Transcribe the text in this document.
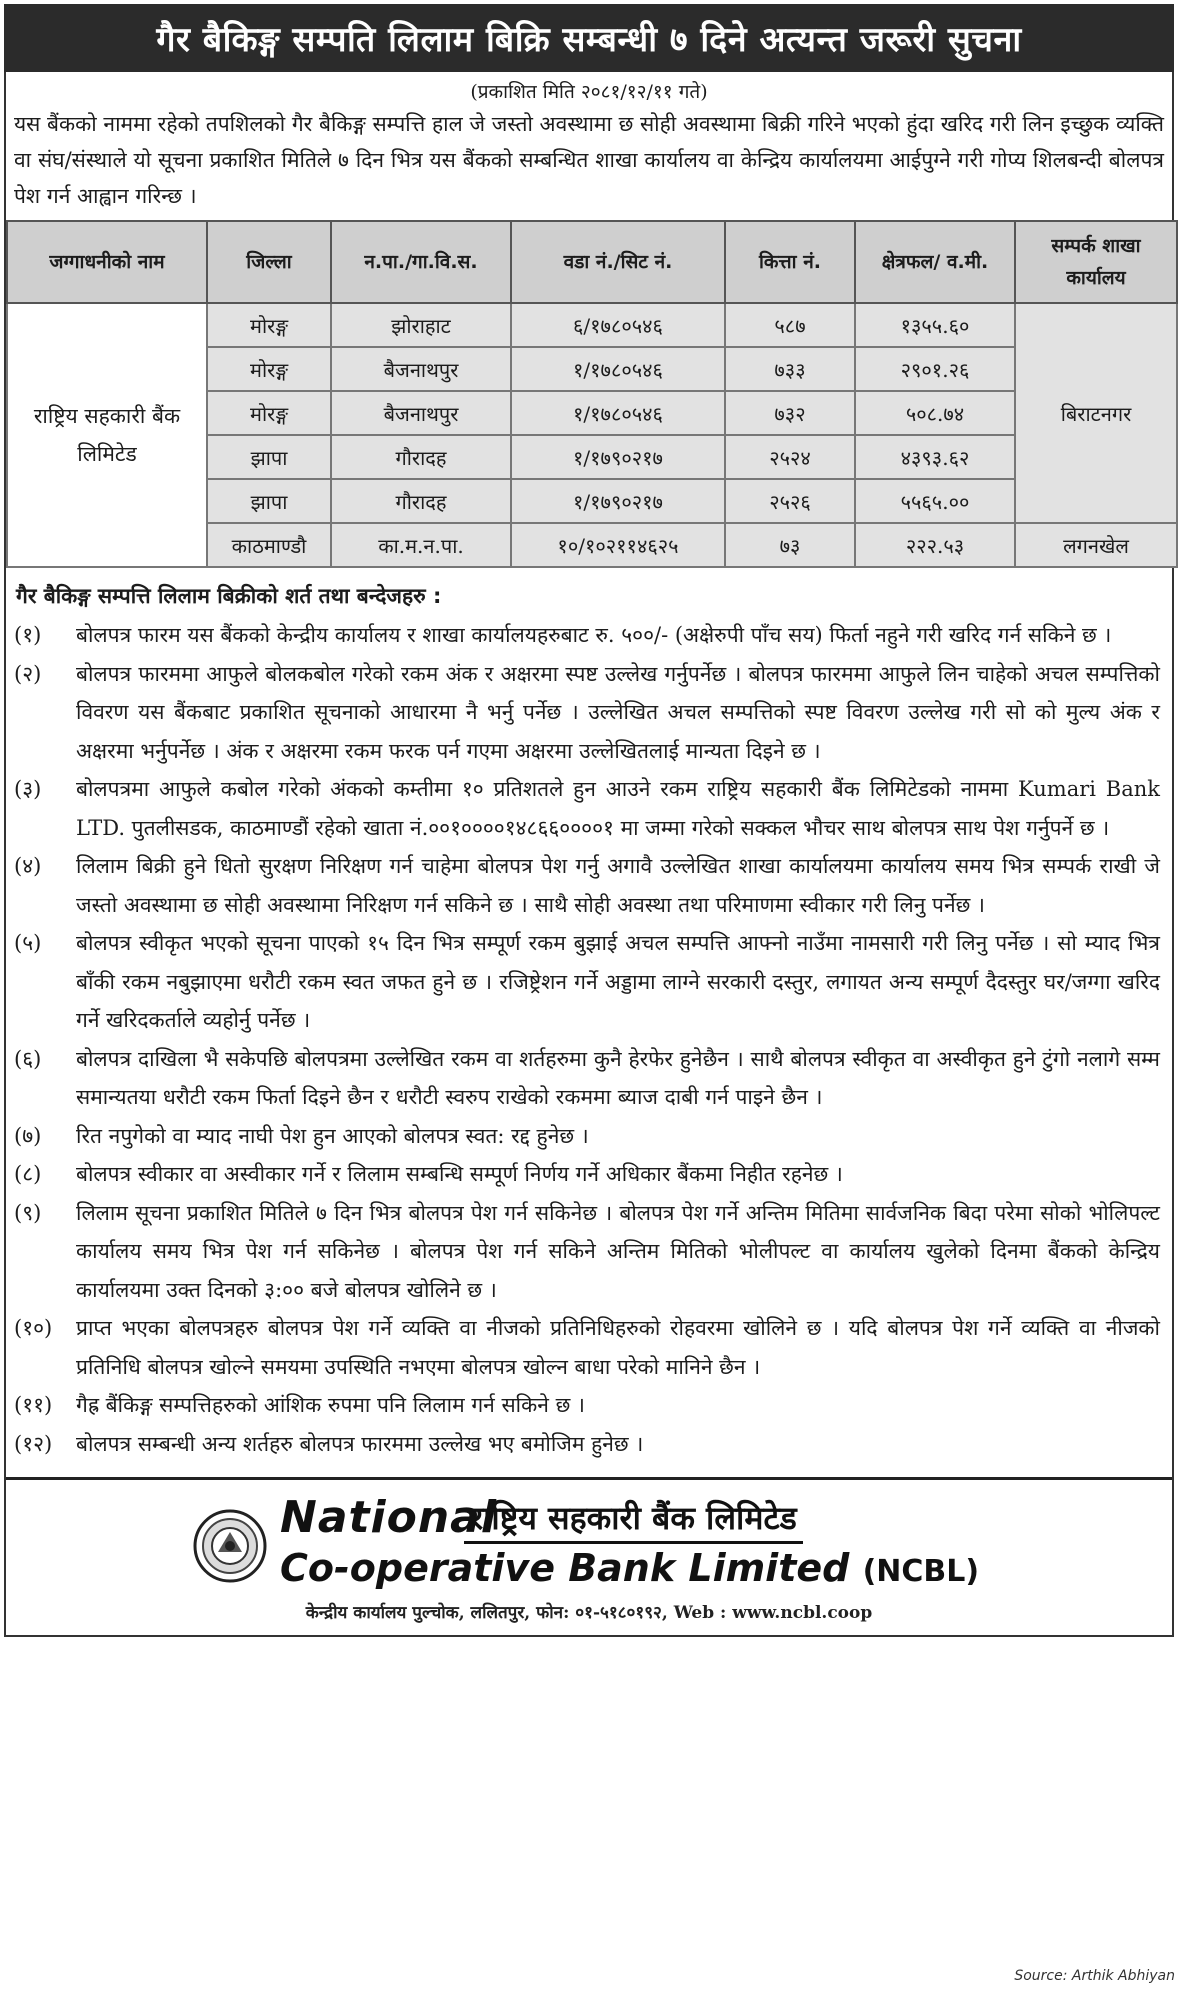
गैर बैकिङ्ग सम्पति लिलाम बिक्रि सम्बन्धी ७ दिने अत्यन्त जरूरी सुचना
(प्रकाशित मिति २०८१/१२/११ गते)
यस बैंकको नाममा रहेको तपशिलको गैर बैकिङ्ग सम्पत्ति हाल जे जस्तो अवस्थामा छ सोही अवस्थामा बिक्री गरिने भएको हुंदा खरिद गरी लिन इच्छुक व्यक्ति वा संघ/संस्थाले यो सूचना प्रकाशित मितिले ७ दिन भित्र यस बैंकको सम्बन्धित शाखा कार्यालय वा केन्द्रिय कार्यालयमा आईपुग्ने गरी गोप्य शिलबन्दी बोलपत्र पेश गर्न आह्वान गरिन्छ ।
जग्गाधनीको नाम	जिल्ला	न.पा./गा.वि.स.	वडा नं./सिट नं.	कित्ता नं.	क्षेत्रफल/ व.मी.	सम्पर्क शाखा कार्यालय
राष्ट्रिय सहकारी बैंक लिमिटेड	मोरङ्ग	झोराहाट	६/१७८०५४६	५८७	१३५५.६०	बिराटनगर
	मोरङ्ग	बैजनाथपुर	१/१७८०५४६	७३३	२९०१.२६	
	मोरङ्ग	बैजनाथपुर	१/१७८०५४६	७३२	५०८.७४	
	झापा	गौरादह	१/१७९०२१७	२५२४	४३९३.६२	
	झापा	गौरादह	१/१७९०२१७	२५२६	५५६५.००	
	काठमाण्डौ	का.म.न.पा.	१०/१०२११४६२५	७३	२२२.५३	लगनखेल
गैर बैकिङ्ग सम्पत्ति लिलाम बिक्रीको शर्त तथा बन्देजहरु :
(१)	बोलपत्र फारम यस बैंकको केन्द्रीय कार्यालय र शाखा कार्यालयहरुबाट रु. ५००/- (अक्षेरुपी पाँच सय) फिर्ता नहुने गरी खरिद गर्न सकिने छ ।
(२)	बोलपत्र फारममा आफुले बोलकबोल गरेको रकम अंक र अक्षरमा स्पष्ट उल्लेख गर्नुपर्नेछ । बोलपत्र फारममा आफुले लिन चाहेको अचल सम्पत्तिको विवरण यस बैंकबाट प्रकाशित सूचनाको आधारमा नै भर्नु पर्नेछ । उल्लेखित अचल सम्पत्तिको स्पष्ट विवरण उल्लेख गरी सो को मुल्य अंक र अक्षरमा भर्नुपर्नेछ । अंक र अक्षरमा रकम फरक पर्न गएमा अक्षरमा उल्लेखितलाई मान्यता दिइने छ ।
(३)	बोलपत्रमा आफुले कबोल गरेको अंकको कम्तीमा १० प्रतिशतले हुन आउने रकम राष्ट्रिय सहकारी बैंक लिमिटेडको नाममा Kumari Bank LTD. पुतलीसडक, काठमाण्डौं रहेको खाता नं.००१००००१४८६६००००१ मा जम्मा गरेको सक्कल भौचर साथ बोलपत्र साथ पेश गर्नुपर्ने छ ।
(४)	लिलाम बिक्री हुने धितो सुरक्षण निरिक्षण गर्न चाहेमा बोलपत्र पेश गर्नु अगावै उल्लेखित शाखा कार्यालयमा कार्यालय समय भित्र सम्पर्क राखी जे जस्तो अवस्थामा छ सोही अवस्थामा निरिक्षण गर्न सकिने छ । साथै सोही अवस्था तथा परिमाणमा स्वीकार गरी लिनु पर्नेछ ।
(५)	बोलपत्र स्वीकृत भएको सूचना पाएको १५ दिन भित्र सम्पूर्ण रकम बुझाई अचल सम्पत्ति आफ्नो नाउँमा नामसारी गरी लिनु पर्नेछ । सो म्याद भित्र बाँकी रकम नबुझाएमा धरौटी रकम स्वत जफत हुने छ । रजिष्ट्रेशन गर्ने अड्डामा लाग्ने सरकारी दस्तुर, लगायत अन्य सम्पूर्ण दैदस्तुर घर/जग्गा खरिद गर्ने खरिदकर्ताले व्यहोर्नु पर्नेछ ।
(६)	बोलपत्र दाखिला भै सकेपछि बोलपत्रमा उल्लेखित रकम वा शर्तहरुमा कुनै हेरफेर हुनेछैन । साथै बोलपत्र स्वीकृत वा अस्वीकृत हुने टुंगो नलागे सम्म समान्यतया धरौटी रकम फिर्ता दिइने छैन र धरौटी स्वरुप राखेको रकममा ब्याज दाबी गर्न पाइने छैन ।
(७)	रित नपुगेको वा म्याद नाघी पेश हुन आएको बोलपत्र स्वत: रद्द हुनेछ ।
(८)	बोलपत्र स्वीकार वा अस्वीकार गर्ने र लिलाम सम्बन्धि सम्पूर्ण निर्णय गर्ने अधिकार बैंकमा निहीत रहनेछ ।
(९)	लिलाम सूचना प्रकाशित मितिले ७ दिन भित्र बोलपत्र पेश गर्न सकिनेछ । बोलपत्र पेश गर्ने अन्तिम मितिमा सार्वजनिक बिदा परेमा सोको भोलिपल्ट कार्यालय समय भित्र पेश गर्न सकिनेछ । बोलपत्र पेश गर्न सकिने अन्तिम मितिको भोलीपल्ट वा कार्यालय खुलेको दिनमा बैंकको केन्द्रिय कार्यालयमा उक्त दिनको ३:०० बजे बोलपत्र खोलिने छ ।
(१०)	प्राप्त भएका बोलपत्रहरु बोलपत्र पेश गर्ने व्यक्ति वा नीजको प्रतिनिधिहरुको रोहवरमा खोलिने छ । यदि बोलपत्र पेश गर्ने व्यक्ति वा नीजको प्रतिनिधि बोलपत्र खोल्ने समयमा उपस्थिति नभएमा बोलपत्र खोल्न बाधा परेको मानिने छैन ।
(११)	गैह्र बैंकिङ्ग सम्पत्तिहरुको आंशिक रुपमा पनि लिलाम गर्न सकिने छ ।
(१२)	बोलपत्र सम्बन्धी अन्य शर्तहरु बोलपत्र फारममा उल्लेख भए बमोजिम हुनेछ ।
National
राष्ट्रिय सहकारी बैंक लिमिटेड
Co-operative Bank Limited (NCBL)
केन्द्रीय कार्यालय पुल्चोक, ललितपुर, फोन: ०१-५१८०१९२, Web : www.ncbl.coop
Source: Arthik Abhiyan
